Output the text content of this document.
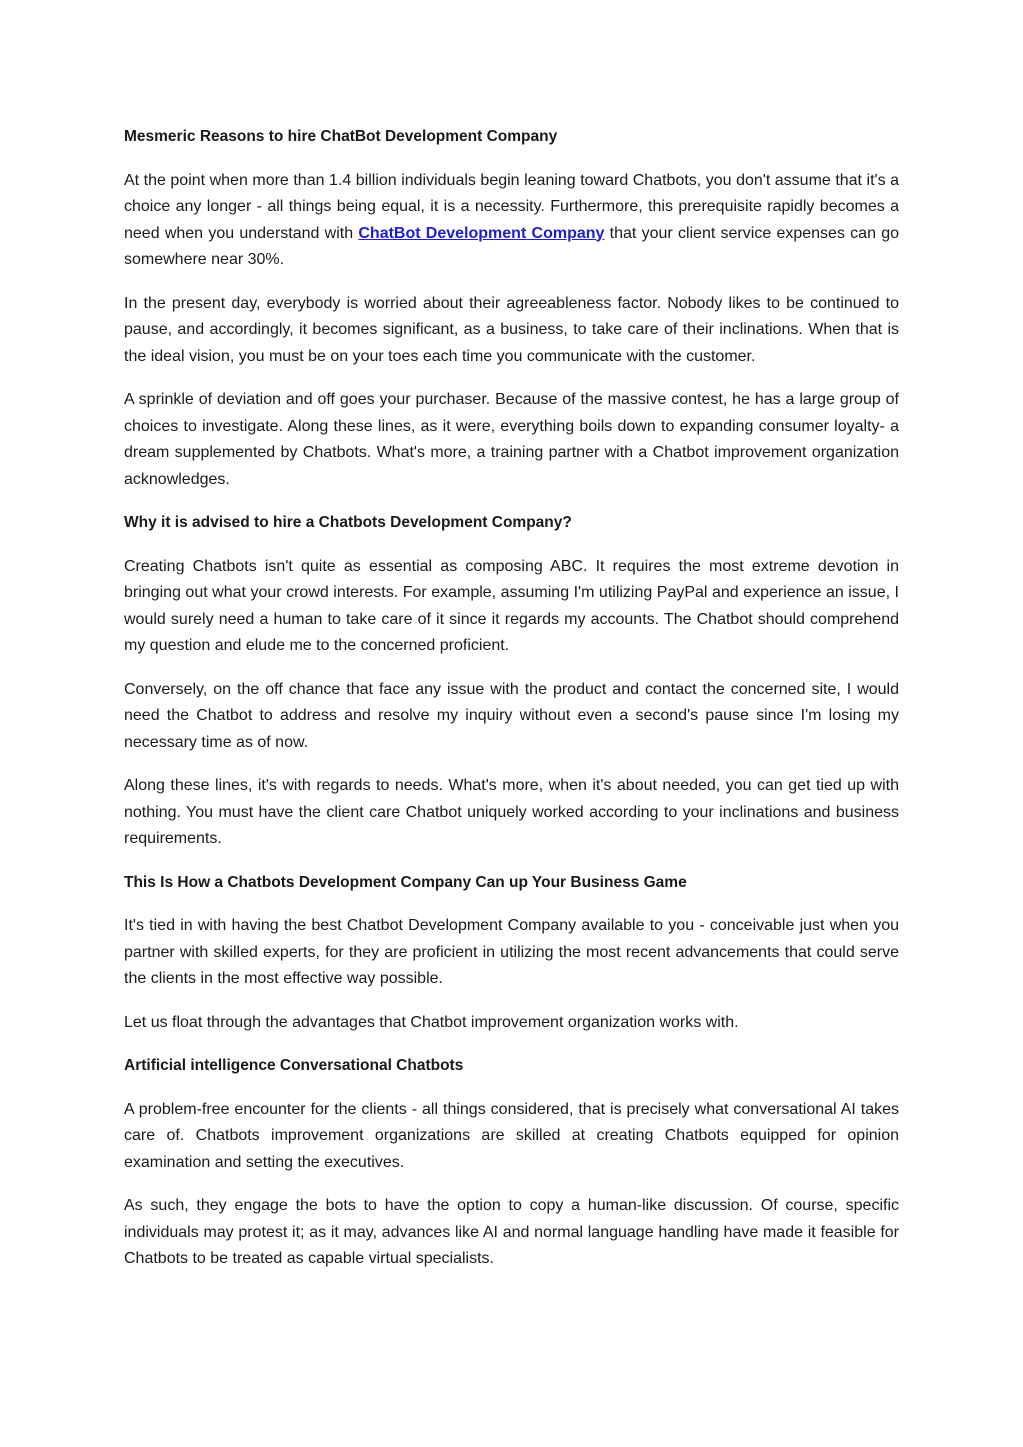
Mesmeric Reasons to hire ChatBot Development Company

At the point when more than 1.4 billion individuals begin leaning toward Chatbots, you don't assume that it's a choice any longer - all things being equal, it is a necessity. Furthermore, this prerequisite rapidly becomes a need when you understand with ChatBot Development Company that your client service expenses can go somewhere near 30%.

In the present day, everybody is worried about their agreeableness factor. Nobody likes to be continued to pause, and accordingly, it becomes significant, as a business, to take care of their inclinations. When that is the ideal vision, you must be on your toes each time you communicate with the customer.

A sprinkle of deviation and off goes your purchaser. Because of the massive contest, he has a large group of choices to investigate. Along these lines, as it were, everything boils down to expanding consumer loyalty- a dream supplemented by Chatbots. What's more, a training partner with a Chatbot improvement organization acknowledges.

Why it is advised to hire a Chatbots Development Company?

Creating Chatbots isn't quite as essential as composing ABC. It requires the most extreme devotion in bringing out what your crowd interests. For example, assuming I'm utilizing PayPal and experience an issue, I would surely need a human to take care of it since it regards my accounts. The Chatbot should comprehend my question and elude me to the concerned proficient.

Conversely, on the off chance that face any issue with the product and contact the concerned site, I would need the Chatbot to address and resolve my inquiry without even a second's pause since I'm losing my necessary time as of now.

Along these lines, it's with regards to needs. What's more, when it's about needed, you can get tied up with nothing. You must have the client care Chatbot uniquely worked according to your inclinations and business requirements.

This Is How a Chatbots Development Company Can up Your Business Game

It's tied in with having the best Chatbot Development Company available to you - conceivable just when you partner with skilled experts, for they are proficient in utilizing the most recent advancements that could serve the clients in the most effective way possible.

Let us float through the advantages that Chatbot improvement organization works with.

Artificial intelligence Conversational Chatbots

A problem-free encounter for the clients - all things considered, that is precisely what conversational AI takes care of. Chatbots improvement organizations are skilled at creating Chatbots equipped for opinion examination and setting the executives.

As such, they engage the bots to have the option to copy a human-like discussion. Of course, specific individuals may protest it; as it may, advances like AI and normal language handling have made it feasible for Chatbots to be treated as capable virtual specialists.
